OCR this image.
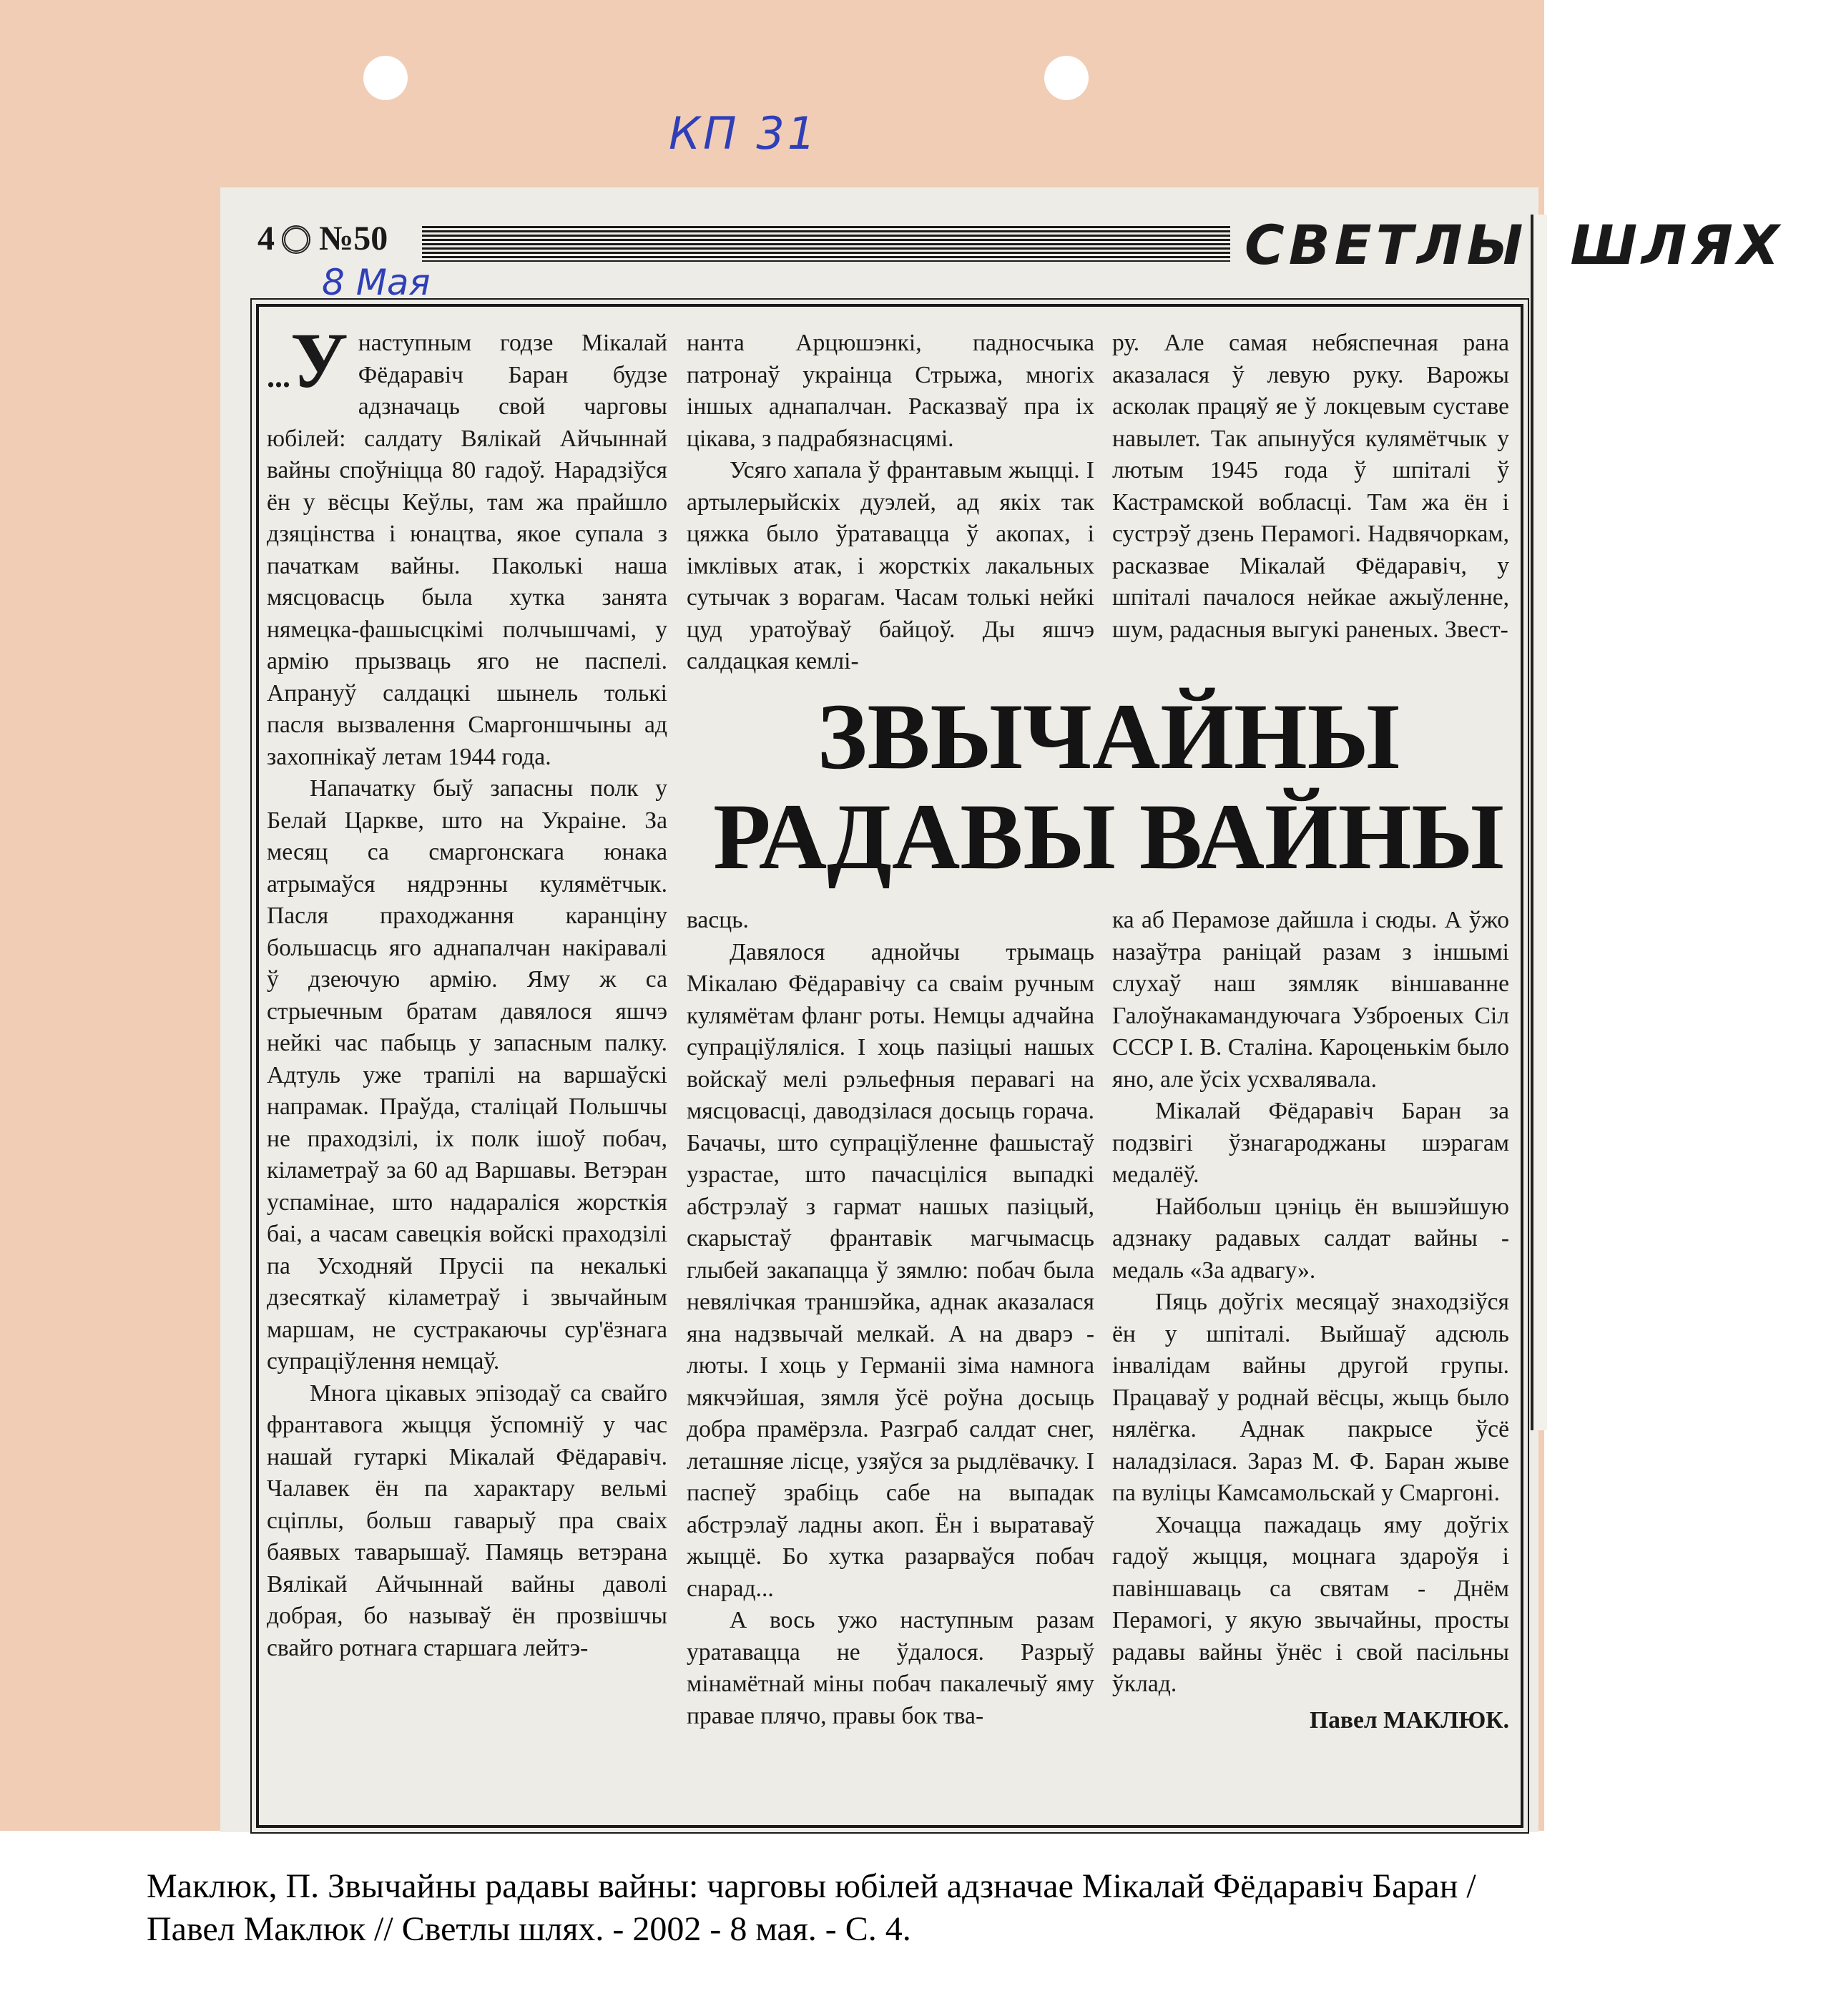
КП 31
4 №50	СВЕТЛЫ ШЛЯХ
8 Мая

...У наступным годзе Мікалай Фёдаравіч Баран будзе адзначаць свой чарговы юбілей: салдату Вялікай Айчыннай вайны споўніцца 80 гадоў. Нарадзіўся ён у вёсцы Кеўлы, там жа прайшло дзяцінства і юнацтва, якое супала з пачаткам вайны. Паколькі наша мясцовасць была хутка занята нямецка-фашысцкімі полчышчамі, у армію прызваць яго не паспелі. Апрануў салдацкі шынель толькі пасля вызвалення Смаргоншчыны ад захопнікаў летам 1944 года.

Напачатку быў запасны полк у Белай Царкве, што на Украіне. За месяц са смаргонскага юнака атрымаўся нядрэнны кулямётчык. Пасля праходжання каранціну большасць яго аднапалчан накіравалі ў дзеючую армію. Яму ж са стрыечным братам давялося яшчэ нейкі час пабыць у запасным палку. Адтуль уже трапілі на варшаўскі напрамак. Праўда, сталіцай Польшчы не праходзілі, іх полк ішоў побач, кіламетраў за 60 ад Варшавы. Ветэран успамінае, што надараліся жорсткія баі, а часам савецкія войскі праходзілі па Усходняй Прусіі па некалькі дзесяткаў кіламетраў і звычайным маршам, не сустракаючы сур'ёзнага супраціўлення немцаў.

Многа цікавых эпізодаў са свайго франтавога жыцця ўспомніў у час нашай гутаркі Мікалай Фёдаравіч. Чалавек ён па характару вельмі сціплы, больш гаварыў пра сваіх баявых таварышаў. Памяць ветэрана Вялікай Айчыннай вайны даволі добрая, бо называў ён прозвішчы свайго ротнага старшага лейтэ-

нанта Арцюшэнкі, падносчыка патронаў украінца Стрыжа, многіх іншых аднапалчан. Расказваў пра іх цікава, з падрабязнасцямі.

Усяго хапала ў франтавым жыцці. І артылерыйскіх дуэлей, ад якіх так цяжка было ўратавацца ў акопах, і імклівых атак, і жорсткіх лакальных сутычак з ворагам. Часам толькі нейкі цуд уратоўваў байцоў. Ды яшчэ салдацкая кемлі-

ру. Але самая небяспечная рана аказалася ў левую руку. Варожы асколак працяў яе ў локцевым суставе навылет. Так апынуўся кулямётчык у лютым 1945 года ў шпіталі ў Кастрамской вобласці. Там жа ён і сустрэў дзень Перамогі. Надвячоркам, расказвае Мікалай Фёдаравіч, у шпіталі пачалося нейкае ажыўленне, шум, радасныя выгукі раненых. Звест-

ЗВЫЧАЙНЫ
РАДАВЫ ВАЙНЫ

васць.

Давялося аднойчы трымаць Мікалаю Фёдаравічу са сваім ручным кулямётам фланг роты. Немцы адчайна супраціўляліся. І хоць пазіцыі нашых войскаў мелі рэльефныя перавагі на мясцовасці, даводзілася досыць горача. Бачачы, што супраціўленне фашыстаў узрастае, што пачасціліся выпадкі абстрэлаў з гармат нашых пазіцый, скарыстаў франтавік магчымасць глыбей закапацца ў зямлю: побач была невялічкая траншэйка, аднак аказалася яна надзвычай мелкай. А на дварэ - люты. І хоць у Германіі зіма намнога мякчэйшая, зямля ўсё роўна досыць добра прамёрзла. Разграб салдат снег, леташняе лісце, узяўся за рыдлёвачку. І паспеў зрабіць сабе на выпадак абстрэлаў ладны акоп. Ён і выратаваў жыццё. Бо хутка разарваўся побач снарад...

А вось ужо наступным разам уратавацца не ўдалося. Разрыў мінамётнай міны побач пакалечыў яму правае плячо, правы бок тва-

ка аб Перамозе дайшла і сюды. А ўжо назаўтра раніцай разам з іншымі слухаў наш зямляк віншаванне Галоўнакамандуючага Узброеных Сіл СССР І. В. Сталіна. Кароценькім было яно, але ўсіх усхвалявала.

Мікалай Фёдаравіч Баран за подзвігі ўзнагароджаны шэрагам медалёў.

Найбольш цэніць ён вышэйшую адзнаку радавых салдат вайны - медаль «За адвагу».

Пяць доўгіх месяцаў знаходзіўся ён у шпіталі. Выйшаў адсюль інвалідам вайны другой групы. Працаваў у роднай вёсцы, жыць было нялёгка. Аднак пакрысе ўсё наладзілася. Зараз М. Ф. Баран жыве па вуліцы Камсамольскай у Смаргоні.

Хочацца пажадаць яму доўгіх гадоў жыцця, моцнага здароўя і павіншаваць са святам - Днём Перамогі, у якую звычайны, просты радавы вайны ўнёс і свой пасільны ўклад.

Павел МАКЛЮК.

Маклюк, П. Звычайны радавы вайны: чарговы юбілей адзначае Мікалай Фёдаравіч Баран / Павел Маклюк // Светлы шлях. - 2002 - 8 мая. - С. 4.
